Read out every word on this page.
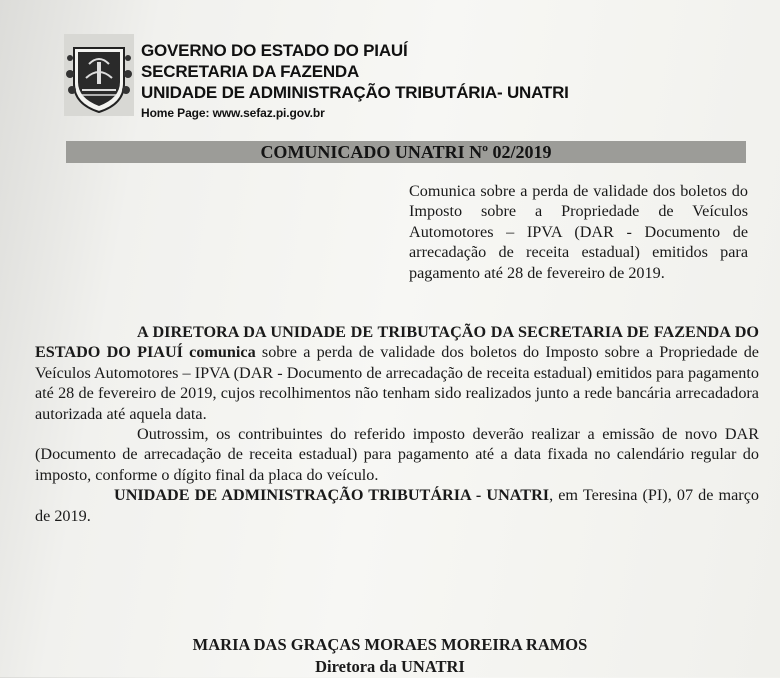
GOVERNO DO ESTADO DO PIAUÍ
SECRETARIA DA FAZENDA
UNIDADE DE ADMINISTRAÇÃO TRIBUTÁRIA- UNATRI
Home Page: www.sefaz.pi.gov.br
COMUNICADO UNATRI Nº 02/2019
Comunica sobre a perda de validade dos boletos do Imposto sobre a Propriedade de Veículos Automotores – IPVA (DAR - Documento de arrecadação de receita estadual) emitidos para pagamento até 28 de fevereiro de 2019.

A DIRETORA DA UNIDADE DE TRIBUTAÇÃO DA SECRETARIA DE FAZENDA DO ESTADO DO PIAUÍ comunica sobre a perda de validade dos boletos do Imposto sobre a Propriedade de Veículos Automotores – IPVA (DAR - Documento de arrecadação de receita estadual) emitidos para pagamento até 28 de fevereiro de 2019, cujos recolhimentos não tenham sido realizados junto a rede bancária arrecadadora autorizada até aquela data.

Outrossim, os contribuintes do referido imposto deverão realizar a emissão de novo DAR (Documento de arrecadação de receita estadual) para pagamento até a data fixada no calendário regular do imposto, conforme o dígito final da placa do veículo.

UNIDADE DE ADMINISTRAÇÃO TRIBUTÁRIA - UNATRI, em Teresina (PI), 07 de março de 2019.

MARIA DAS GRAÇAS MORAES MOREIRA RAMOS
Diretora da UNATRI
